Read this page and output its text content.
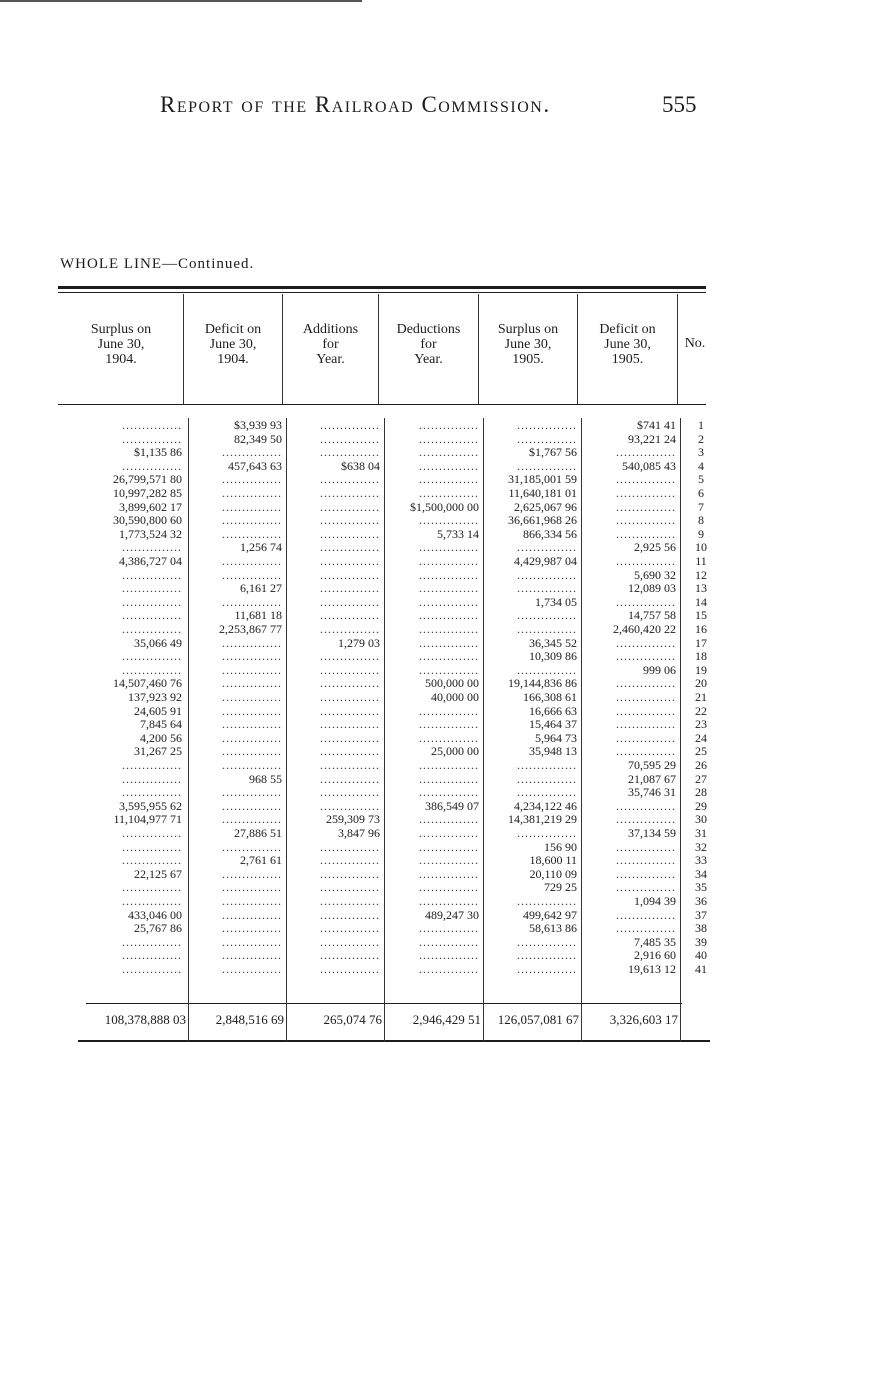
Report of the Railroad Commission.	555
WHOLE LINE—Continued.
Surplus on
June 30,
1904.
Deficit on
June 30,
1904.
Additions
for
Year.
Deductions
for
Year.
Surplus on
June 30,
1905.
Deficit on
June 30,
1905.
No.
...............	$3,939 93	...............	...............	...............	$741 41	1
...............	82,349 50	...............	...............	...............	93,221 24	2
$1,135 86	...............	...............	...............	$1,767 56	...............	3
...............	457,643 63	$638 04	...............	...............	540,085 43	4
26,799,571 80	...............	...............	...............	31,185,001 59	...............	5
10,997,282 85	...............	...............	...............	11,640,181 01	...............	6
3,899,602 17	...............	...............	$1,500,000 00	2,625,067 96	...............	7
30,590,800 60	...............	...............	...............	36,661,968 26	...............	8
1,773,524 32	...............	...............	5,733 14	866,334 56	...............	9
...............	1,256 74	...............	...............	...............	2,925 56	10
4,386,727 04	...............	...............	...............	4,429,987 04	...............	11
...............	...............	...............	...............	...............	5,690 32	12
...............	6,161 27	...............	...............	...............	12,089 03	13
...............	...............	...............	...............	1,734 05	...............	14
...............	11,681 18	...............	...............	...............	14,757 58	15
...............	2,253,867 77	...............	...............	...............	2,460,420 22	16
35,066 49	...............	1,279 03	...............	36,345 52	...............	17
...............	...............	...............	...............	10,309 86	...............	18
...............	...............	...............	...............	...............	999 06	19
14,507,460 76	...............	...............	500,000 00	19,144,836 86	...............	20
137,923 92	...............	...............	40,000 00	166,308 61	...............	21
24,605 91	...............	...............	...............	16,666 63	...............	22
7,845 64	...............	...............	...............	15,464 37	...............	23
4,200 56	...............	...............	...............	5,964 73	...............	24
31,267 25	...............	...............	25,000 00	35,948 13	...............	25
...............	...............	...............	...............	...............	70,595 29	26
...............	968 55	...............	...............	...............	21,087 67	27
...............	...............	...............	...............	...............	35,746 31	28
3,595,955 62	...............	...............	386,549 07	4,234,122 46	...............	29
11,104,977 71	...............	259,309 73	...............	14,381,219 29	...............	30
...............	27,886 51	3,847 96	...............	...............	37,134 59	31
...............	...............	...............	...............	156 90	...............	32
...............	2,761 61	...............	...............	18,600 11	...............	33
22,125 67	...............	...............	...............	20,110 09	...............	34
...............	...............	...............	...............	729 25	...............	35
...............	...............	...............	...............	...............	1,094 39	36
433,046 00	...............	...............	489,247 30	499,642 97	...............	37
25,767 86	...............	...............	...............	58,613 86	...............	38
...............	...............	...............	...............	...............	7,485 35	39
...............	...............	...............	...............	...............	2,916 60	40
...............	...............	...............	...............	...............	19,613 12	41
108,378,888 03	2,848,516 69	265,074 76	2,946,429 51	126,057,081 67	3,326,603 17
